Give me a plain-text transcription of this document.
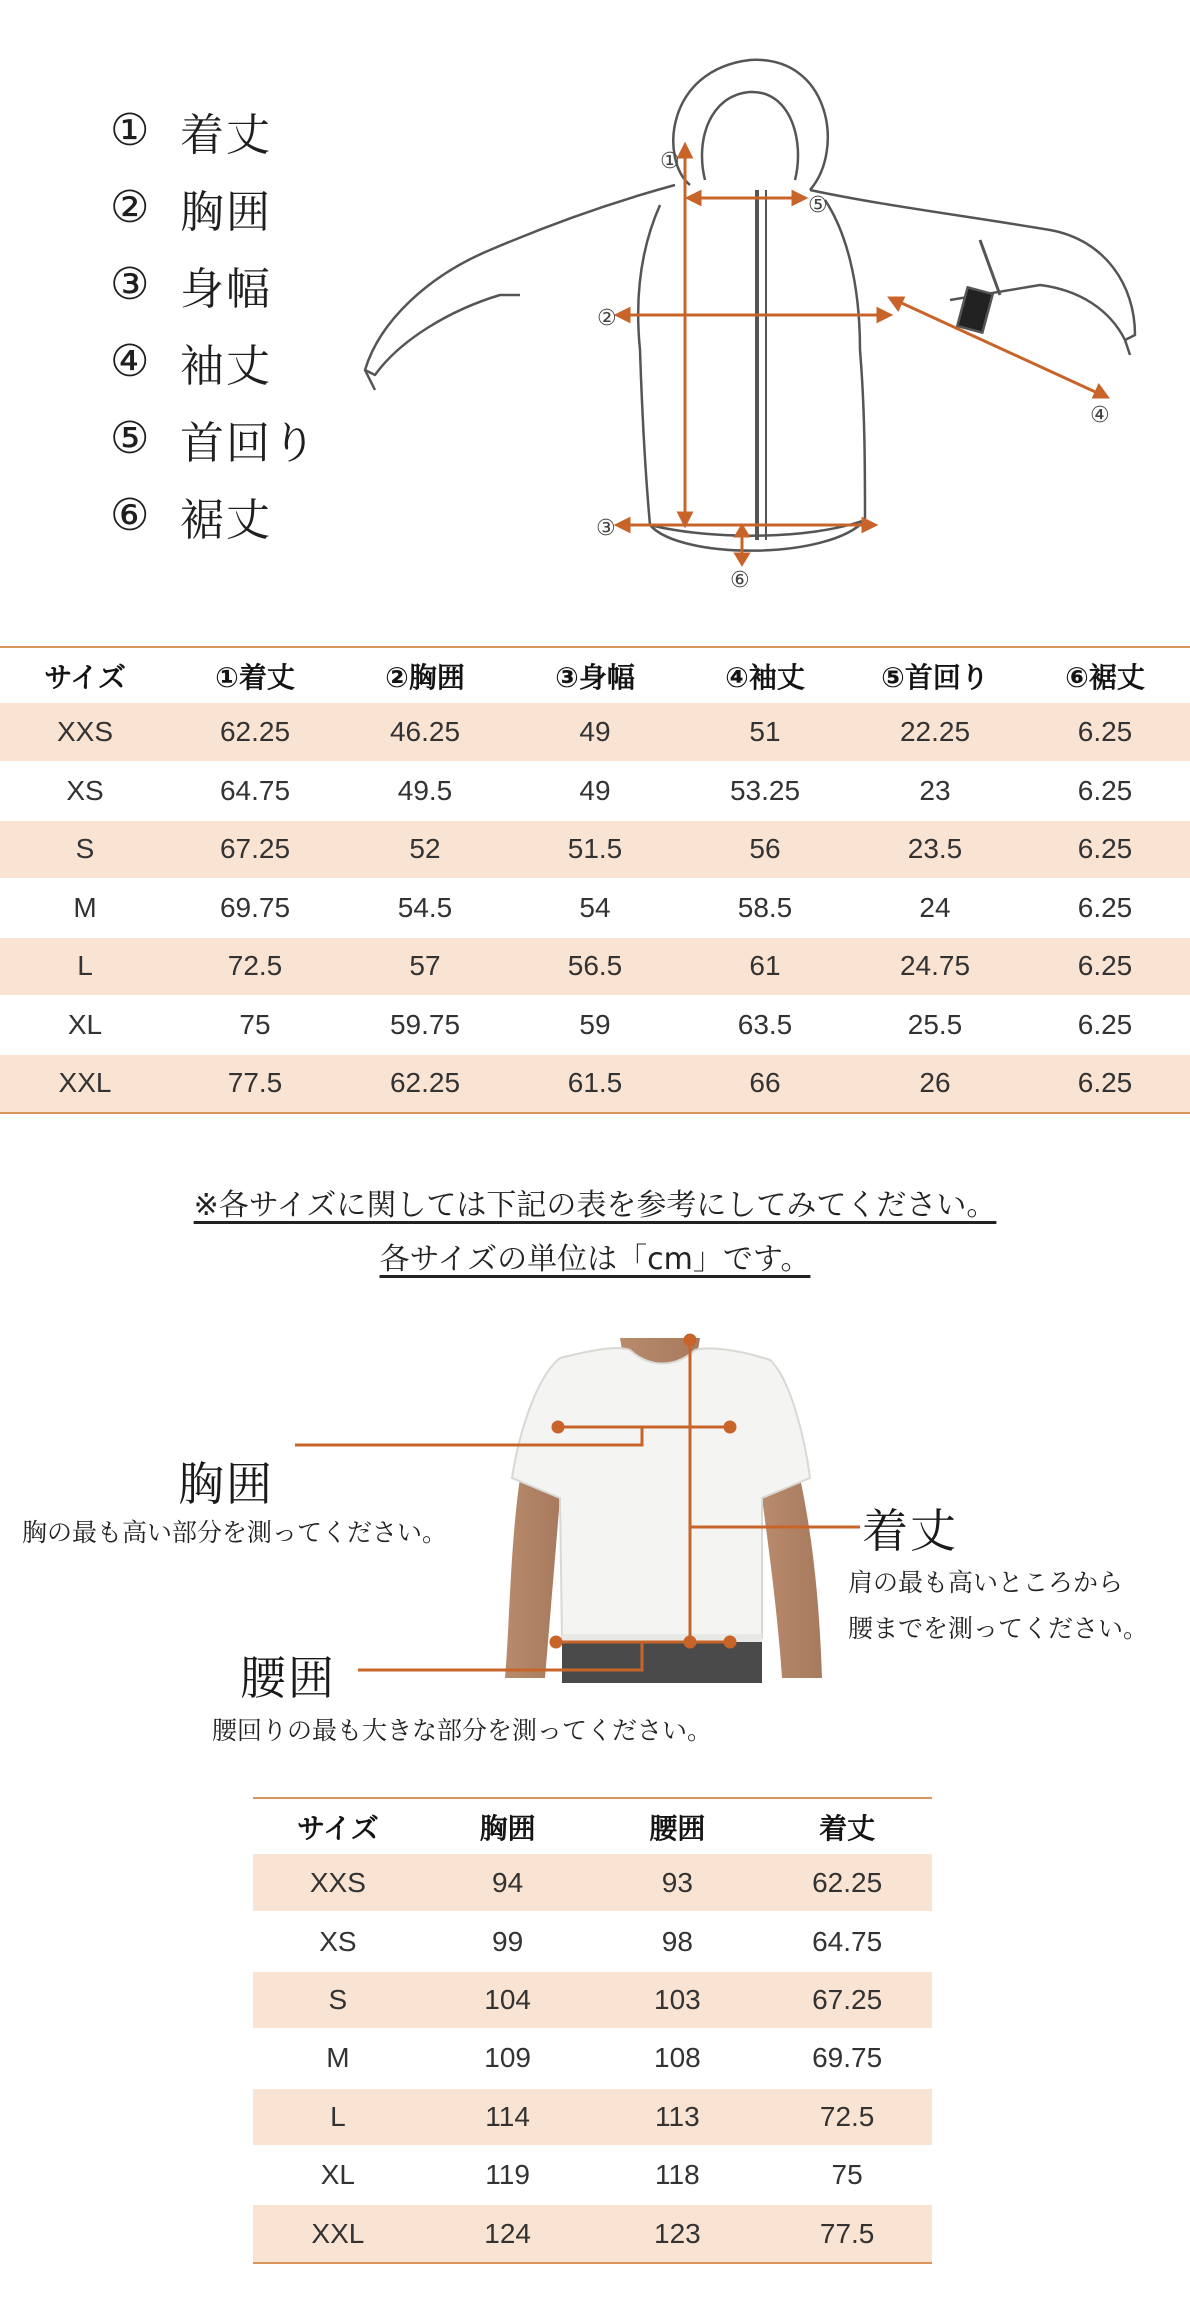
① 着丈
② 胸囲
③ 身幅
④ 袖丈
⑤ 首回り
⑥ 裾丈
①
⑤
②
④
③
⑥
サイズ	①着丈	②胸囲	③身幅	④袖丈	⑤首回り	⑥裾丈
XXS	62.25	46.25	49	51	22.25	6.25
XS	64.75	49.5	49	53.25	23	6.25
S	67.25	52	51.5	56	23.5	6.25
M	69.75	54.5	54	58.5	24	6.25
L	72.5	57	56.5	61	24.75	6.25
XL	75	59.75	59	63.5	25.5	6.25
XXL	77.5	62.25	61.5	66	26	6.25
※各サイズに関しては下記の表を参考にしてみてください。
各サイズの単位は「cm」です。
胸囲
胸の最も高い部分を測ってください。	着丈
肩の最も高いところから
腰までを測ってください。
腰囲
腰回りの最も大きな部分を測ってください。
サイズ	胸囲	腰囲	着丈
XXS	94	93	62.25
XS	99	98	64.75
S	104	103	67.25
M	109	108	69.75
L	114	113	72.5
XL	119	118	75
XXL	124	123	77.5
